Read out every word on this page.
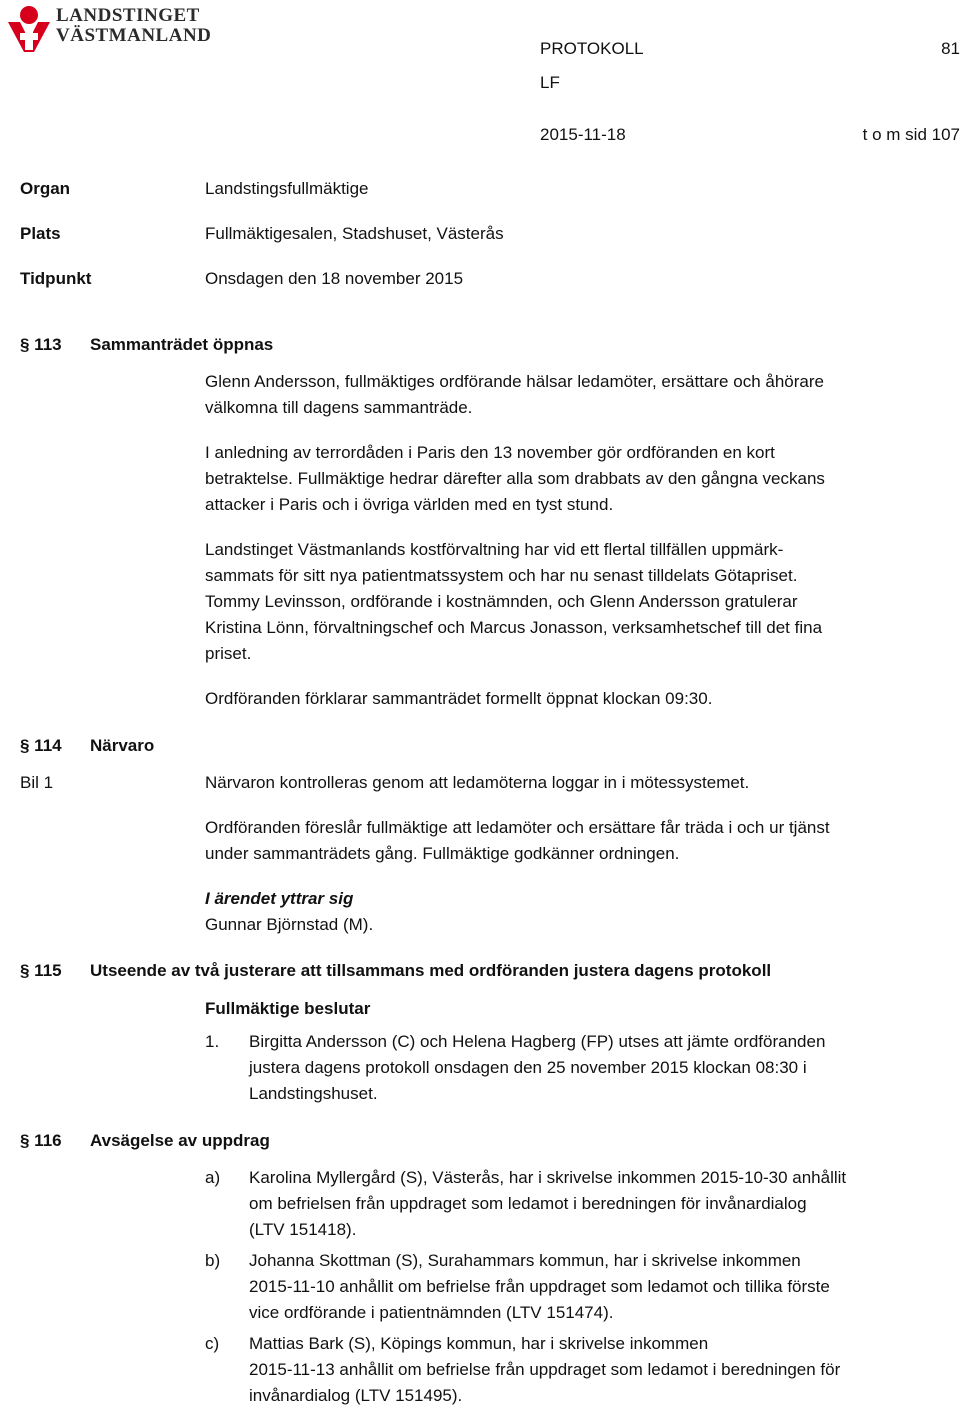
LANDSTINGET
VÄSTMANLAND
PROTOKOLL	81
LF
2015-11-18	t o m sid 107
Organ	Landstingsfullmäktige
Plats	Fullmäktigesalen, Stadshuset, Västerås
Tidpunkt	Onsdagen den 18 november 2015
§ 113 Sammanträdet öppnas
Glenn Andersson, fullmäktiges ordförande hälsar ledamöter, ersättare och åhörare
välkomna till dagens sammanträde.
I anledning av terrordåden i Paris den 13 november gör ordföranden en kort
betraktelse. Fullmäktige hedrar därefter alla som drabbats av den gångna veckans
attacker i Paris och i övriga världen med en tyst stund.
Landstinget Västmanlands kostförvaltning har vid ett flertal tillfällen uppmärk-
sammats för sitt nya patientmatssystem och har nu senast tilldelats Götapriset.
Tommy Levinsson, ordförande i kostnämnden, och Glenn Andersson gratulerar
Kristina Lönn, förvaltningschef och Marcus Jonasson, verksamhetschef till det fina
priset.
Ordföranden förklarar sammanträdet formellt öppnat klockan 09:30.
§ 114 Närvaro
Bil 1	Närvaron kontrolleras genom att ledamöterna loggar in i mötessystemet.
Ordföranden föreslår fullmäktige att ledamöter och ersättare får träda i och ur tjänst
under sammanträdets gång. Fullmäktige godkänner ordningen.
I ärendet yttrar sig
Gunnar Björnstad (M).
§ 115 Utseende av två justerare att tillsammans med ordföranden justera dagens protokoll
Fullmäktige beslutar
1. Birgitta Andersson (C) och Helena Hagberg (FP) utses att jämte ordföranden
justera dagens protokoll onsdagen den 25 november 2015 klockan 08:30 i
Landstingshuset.
§ 116 Avsägelse av uppdrag
a) Karolina Myllergård (S), Västerås, har i skrivelse inkommen 2015-10-30 anhållit
om befrielsen från uppdraget som ledamot i beredningen för invånardialog
(LTV 151418).
b) Johanna Skottman (S), Surahammars kommun, har i skrivelse inkommen
2015-11-10 anhållit om befrielse från uppdraget som ledamot och tillika förste
vice ordförande i patientnämnden (LTV 151474).
c) Mattias Bark (S), Köpings kommun, har i skrivelse inkommen
2015-11-13 anhållit om befrielse från uppdraget som ledamot i beredningen för
invånardialog (LTV 151495).
